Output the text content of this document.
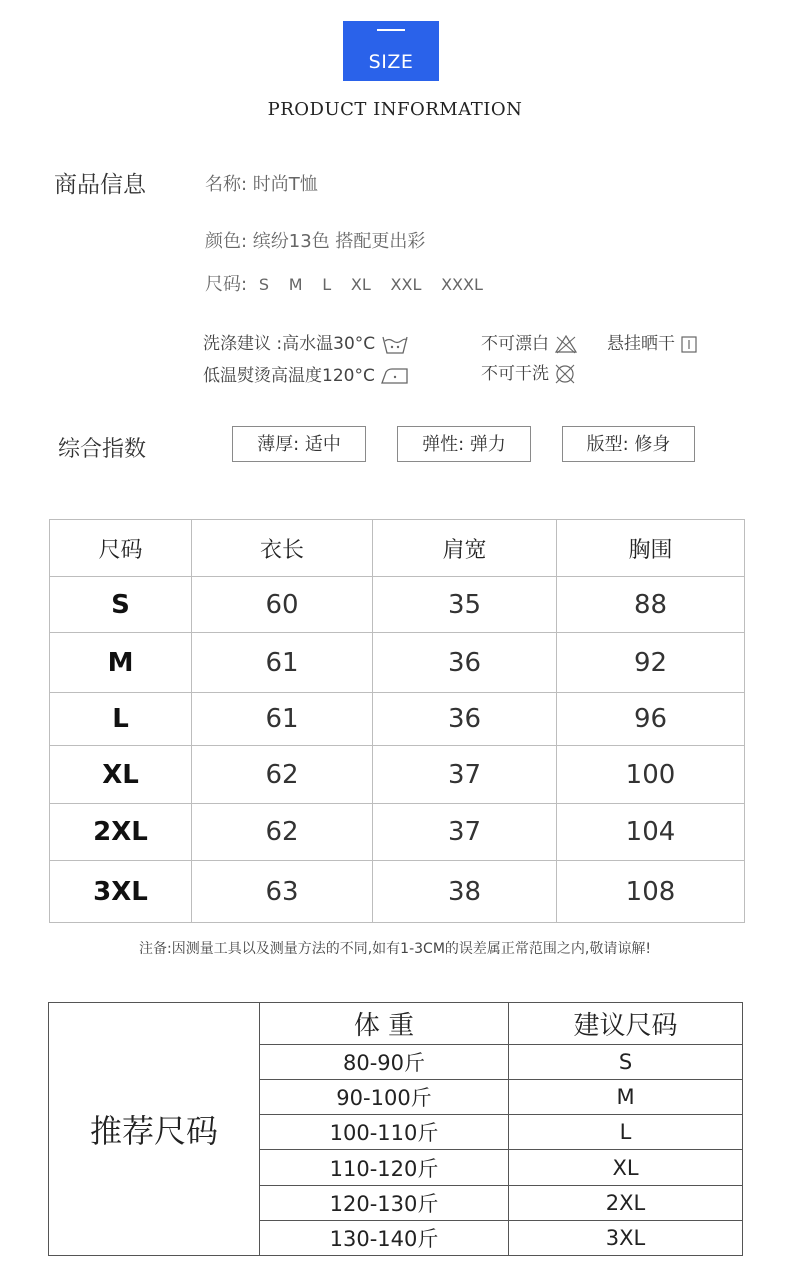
SIZE
PRODUCT INFORMATION
商品信息	名称: 时尚T恤
颜色: 缤纷13色 搭配更出彩
尺码: S M L XL XXL XXXL
洗涤建议 :高水温30°C
低温熨烫高温度120°C
不可漂白	悬挂晒干
不可干洗
综合指数	薄厚: 适中	弹性: 弹力	版型: 修身
尺码	衣长	肩宽	胸围
S	60	35	88
M	61	36	92
L	61	36	96
XL	62	37	100
2XL	62	37	104
3XL	63	38	108
注备:因测量工具以及测量方法的不同,如有1-3CM的误差属正常范围之内,敬请谅解!
推荐尺码	体 重	建议尺码
	80-90斤	S
	90-100斤	M
	100-110斤	L
	110-120斤	XL
	120-130斤	2XL
	130-140斤	3XL
